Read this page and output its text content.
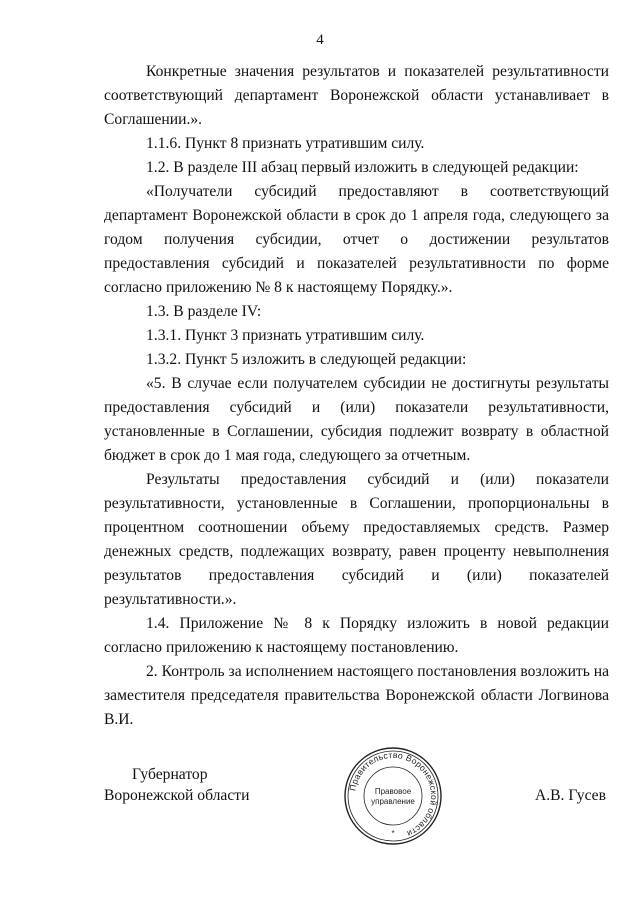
4

Конкретные значения результатов и показателей результативности соответствующий департамент Воронежской области устанавливает в Соглашении.».

1.1.6. Пункт 8 признать утратившим силу.

1.2. В разделе III абзац первый изложить в следующей редакции:

«Получатели субсидий предоставляют в соответствующий департамент Воронежской области в срок до 1 апреля года, следующего за годом получения субсидии, отчет о достижении результатов предоставления субсидий и показателей результативности по форме согласно приложению № 8 к настоящему Порядку.».

1.3. В разделе IV:

1.3.1. Пункт 3 признать утратившим силу.

1.3.2. Пункт 5 изложить в следующей редакции:

«5. В случае если получателем субсидии не достигнуты результаты предоставления субсидий и (или) показатели результативности, установленные в Соглашении, субсидия подлежит возврату в областной бюджет в срок до 1 мая года, следующего за отчетным.

Результаты предоставления субсидий и (или) показатели результативности, установленные в Соглашении, пропорциональны в процентном соотношении объему предоставляемых средств. Размер денежных средств, подлежащих возврату, равен проценту невыполнения результатов предоставления субсидий и (или) показателей результативности.».

1.4. Приложение № 8 к Порядку изложить в новой редакции согласно приложению к настоящему постановлению.

2. Контроль за исполнением настоящего постановления возложить на заместителя председателя правительства Воронежской области Логвинова В.И.

Губернатор
Воронежской области	Правительство Воронежской области
Правовое
управление
*
А.В. Гусев
